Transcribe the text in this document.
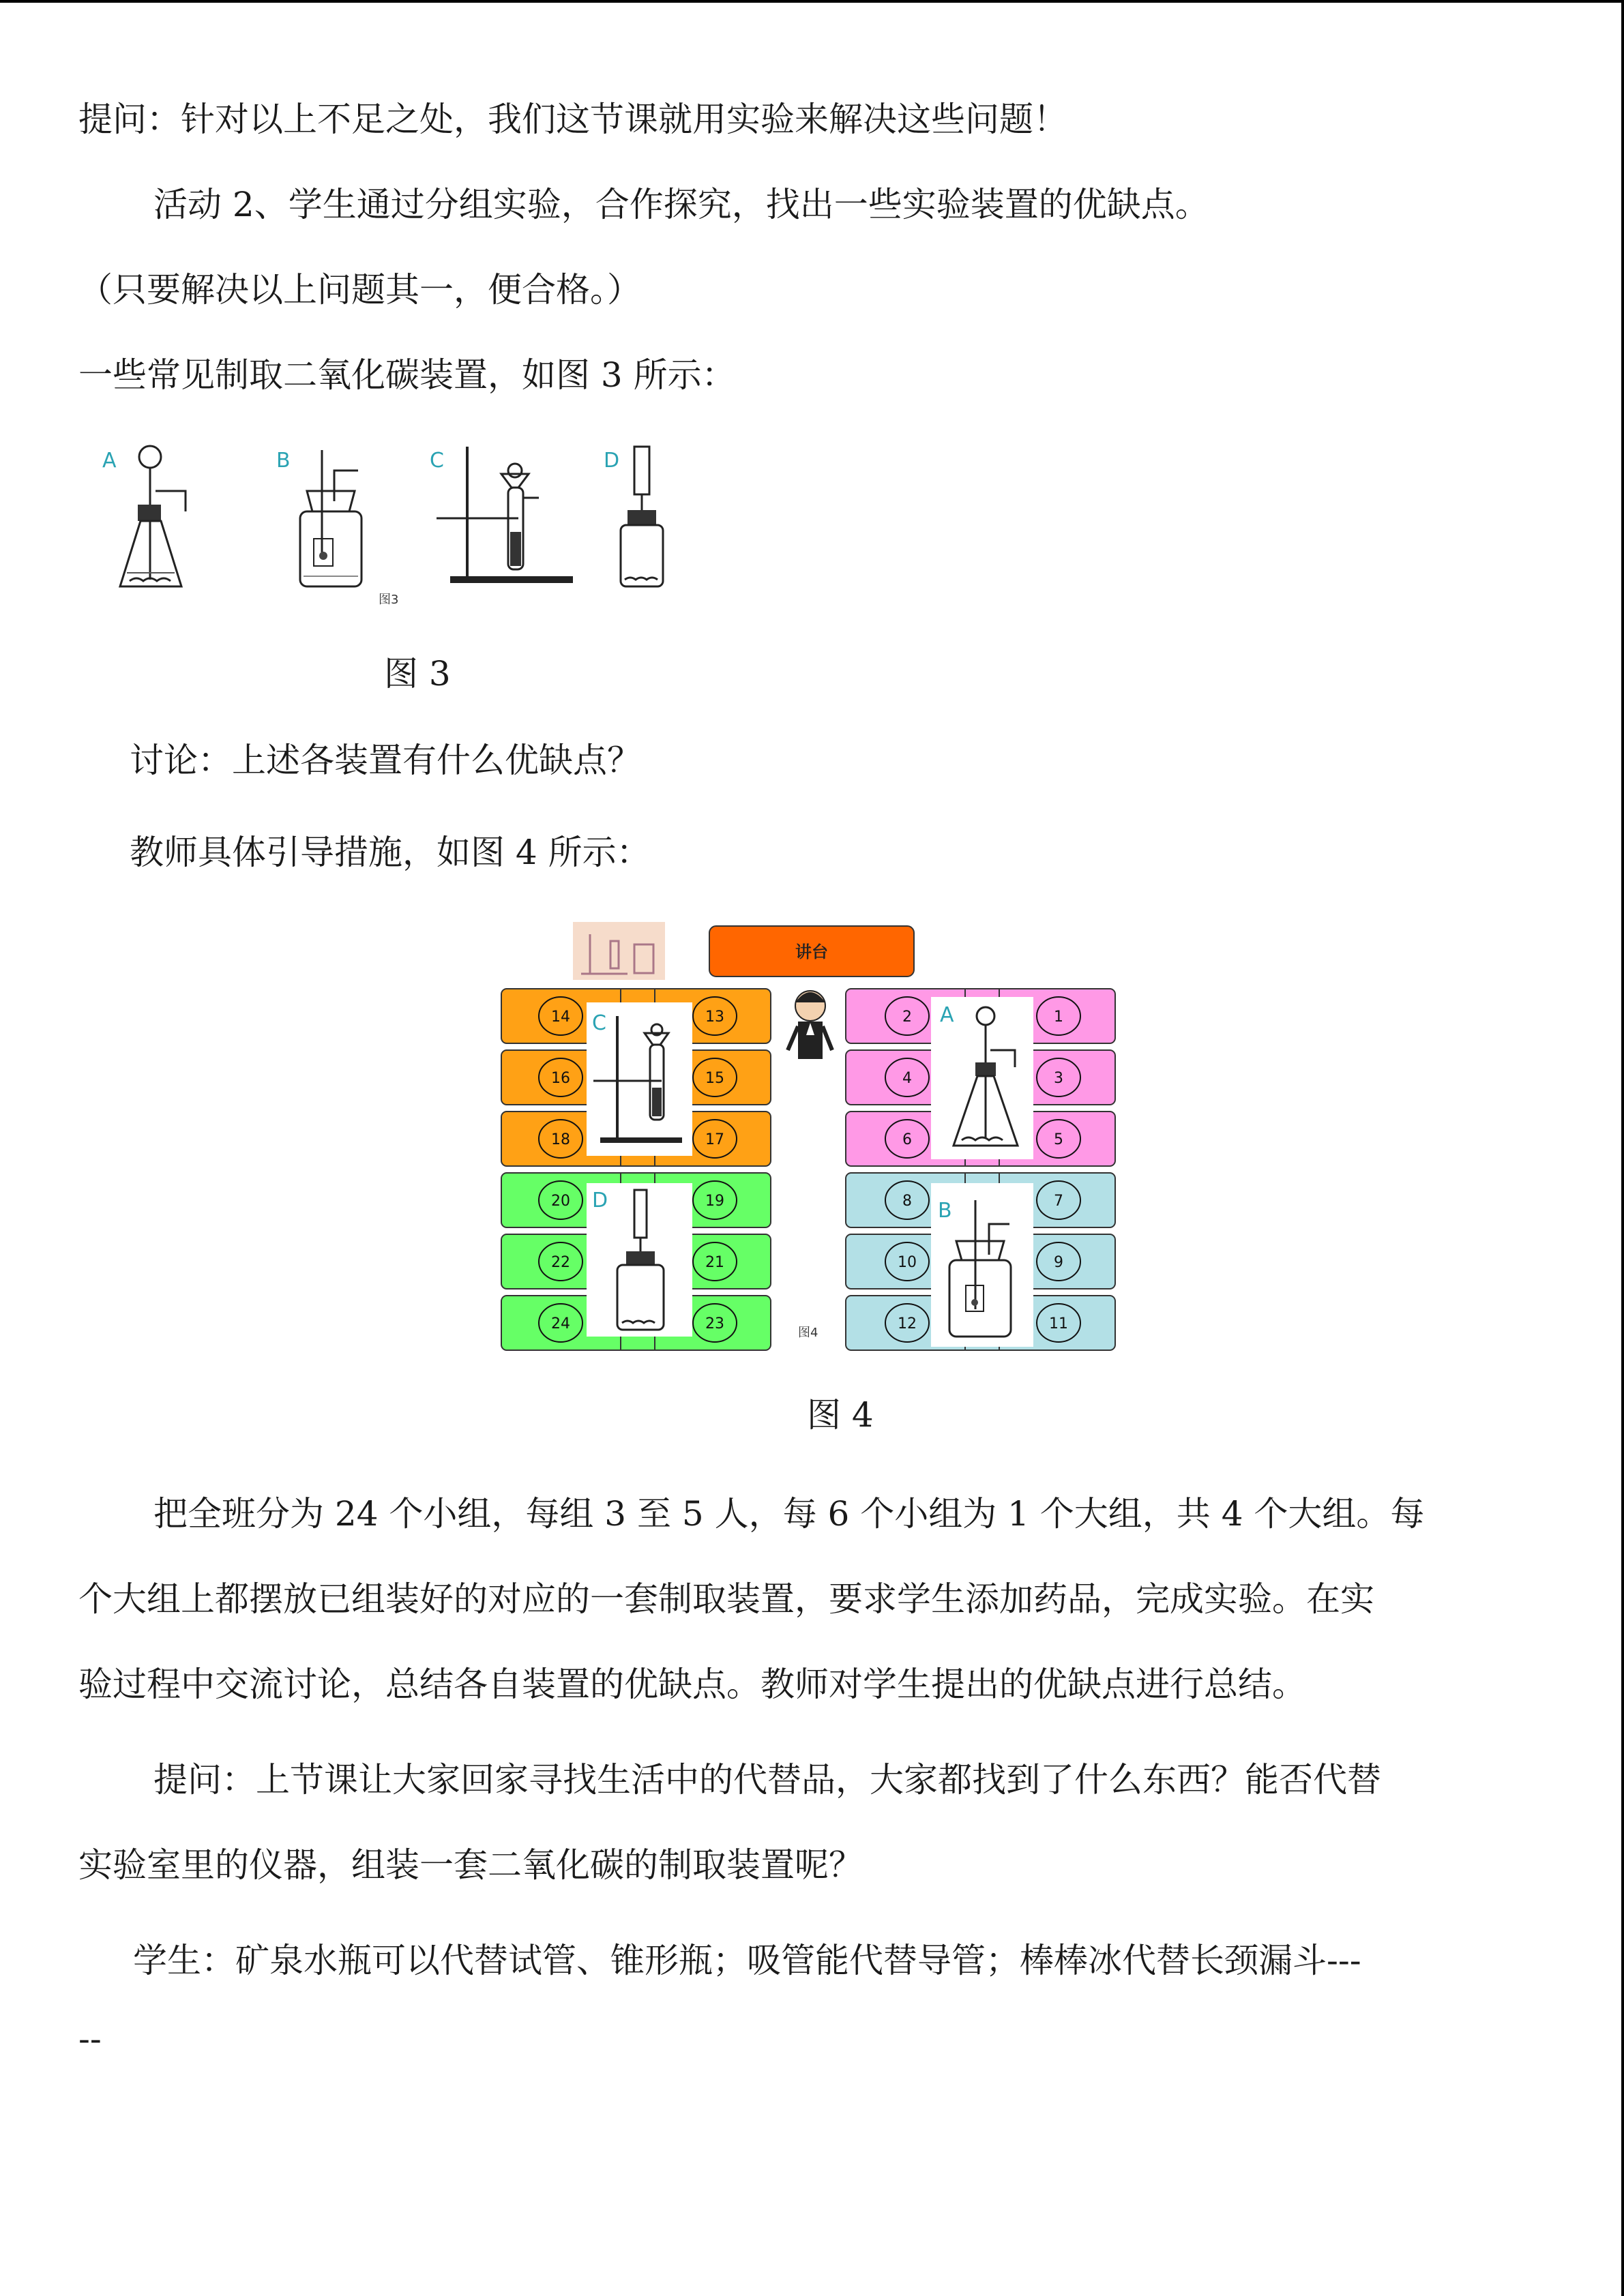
提问：针对以上不足之处，我们这节课就用实验来解决这些问题！
活动 2、学生通过分组实验，合作探究，找出一些实验装置的优缺点。
（只要解决以上问题其一，便合格。）
一些常见制取二氧化碳装置，如图 3 所示：
A	B
图3
C	D
图 3
讨论：上述各装置有什么优缺点？
教师具体引导措施，如图 4 所示：
讲台
14	13
16	15
18	17
20	19
22	21
24	23
2	1
4	3
6	5
8	7
10	9
12	11
C	A
D	B
图4
图 4
把全班分为 24 个小组，每组 3 至 5 人，每 6 个小组为 1 个大组，共 4 个大组。每
个大组上都摆放已组装好的对应的一套制取装置，要求学生添加药品，完成实验。在实
验过程中交流讨论，总结各自装置的优缺点。教师对学生提出的优缺点进行总结。
提问：上节课让大家回家寻找生活中的代替品，大家都找到了什么东西？能否代替
实验室里的仪器，组装一套二氧化碳的制取装置呢？
学生：矿泉水瓶可以代替试管、锥形瓶；吸管能代替导管；棒棒冰代替长颈漏斗---
--
